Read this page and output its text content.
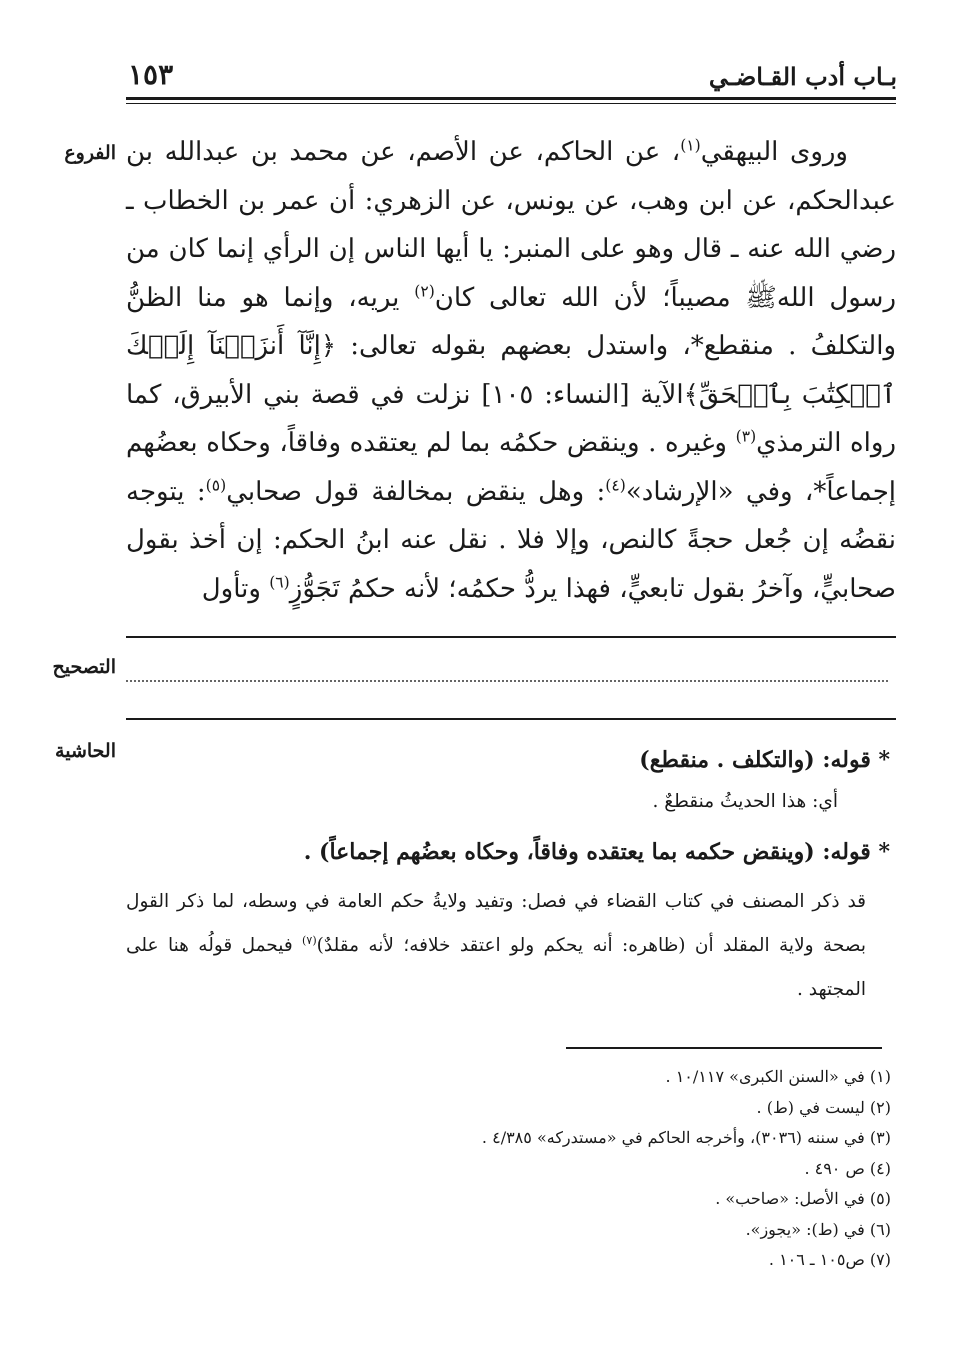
بـاب أدب القـاضـي
١٥٣
الفروع
التصحيح
الحاشية

وروى البيهقي$^{(١)}$، عن الحاكم، عن الأصم، عن محمد بن عبدالله بن عبدالحكم، عن ابن وهب، عن يونس، عن الزهري: أن عمر بن الخطاب ـ رضي الله عنه ـ قال وهو على المنبر: يا أيها الناس إن الرأي إنما كان من رسول اللهﷺ مصيباً؛ لأن الله تعالى كان$^{(٢)}$ يريه، وإنما هو منا الظنُّ والتكلفُ . منقطع*، واستدل بعضهم بقوله تعالى: ﴿إِنَّآ أَنزَلۡنَآ إِلَيۡكَ ٱلۡكِتَٰبَ بِٱلۡحَقِّ﴾الآية [النساء: ١٠٥] نزلت في قصة بني الأبيرق، كما رواه الترمذي$^{(٣)}$ وغيره . وينقض حكمُه بما لم يعتقده وفاقاً، وحكاه بعضُهم إجماعاً*، وفي «الإرشاد»$^{(٤)}$: وهل ينقض بمخالفة قول صحابي$^{(٥)}$: يتوجه نقضُه إن جُعل حجةً كالنص، وإلا فلا . نقل عنه ابنُ الحكم: إن أخذ بقول صحابيٍّ، وآخرُ بقول تابعيٍّ، فهذا يردُّ حكمُه؛ لأنه حكمُ تَجَوُّزٍ$^{(٦)}$ وتأول

* قوله: (والتكلف . منقطع)

أي: هذا الحديثُ منقطعٌ .

* قوله: (وينقض حكمه بما يعتقده وفاقاً، وحكاه بعضُهم إجماعاً) .

قد ذكر المصنف في كتاب القضاء في فصل: وتفيد ولايةُ حكم العامة في وسطه، لما ذكر القول بصحة ولاية المقلد أن (ظاهره: أنه يحكم ولو اعتقد خلافه؛ لأنه مقلدٌ)$^{(٧)}$ فيحمل قولُه هنا على المجتهد .

(١) في «السنن الكبرى» ١٠/١١٧ .
(٢) ليست في (ط) .
(٣) في سننه (٣٠٣٦)، وأخرجه الحاكم في «مستدركه» ٤/٣٨٥ .
(٤) ص ٤٩٠ .
(٥) في الأصل: «صاحب» .
(٦) في (ط): «يجوز».
(٧) ص١٠٥ ـ ١٠٦ .
